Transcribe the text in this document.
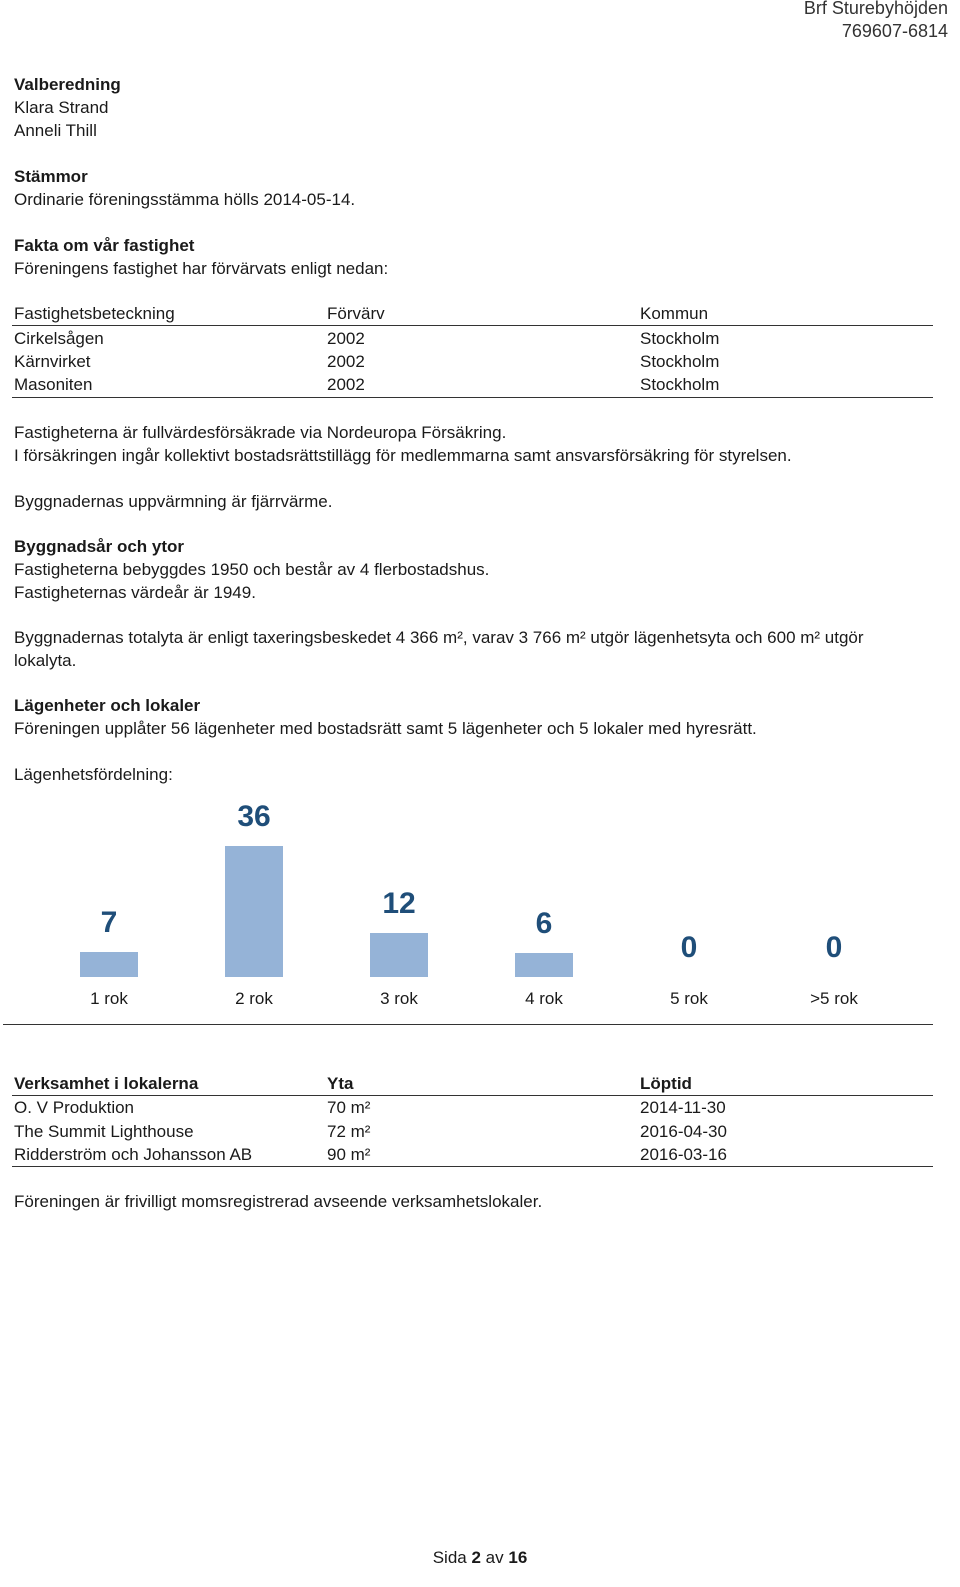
Brf Sturebyhöjden
769607-6814
Valberedning
Klara Strand
Anneli Thill
Stämmor
Ordinarie föreningsstämma hölls 2014-05-14.
Fakta om vår fastighet
Föreningens fastighet har förvärvats enligt nedan:
Fastighetsbeteckning	Förvärv	Kommun
Cirkelsågen	2002	Stockholm
Kärnvirket	2002	Stockholm
Masoniten	2002	Stockholm
Fastigheterna är fullvärdesförsäkrade via Nordeuropa Försäkring.
I försäkringen ingår kollektivt bostadsrättstillägg för medlemmarna samt ansvarsförsäkring för styrelsen.
Byggnadernas uppvärmning är fjärrvärme.
Byggnadsår och ytor
Fastigheterna bebyggdes 1950 och består av 4 flerbostadshus.
Fastigheternas värdeår är 1949.
Byggnadernas totalyta är enligt taxeringsbeskedet 4 366 m², varav 3 766 m² utgör lägenhetsyta och 600 m² utgör
lokalyta.
Lägenheter och lokaler
Föreningen upplåter 56 lägenheter med bostadsrätt samt 5 lägenheter och 5 lokaler med hyresrätt.
Lägenhetsfördelning:
7
1 rok
36
2 rok
12
3 rok
6
4 rok
0
5 rok
0
>5 rok
Verksamhet i lokalerna	Yta	Löptid
O. V Produktion	70 m²	2014-11-30
The Summit Lighthouse	72 m²	2016-04-30
Ridderström och Johansson AB	90 m²	2016-03-16
Föreningen är frivilligt momsregistrerad avseende verksamhetslokaler.
Sida 2 av 16
